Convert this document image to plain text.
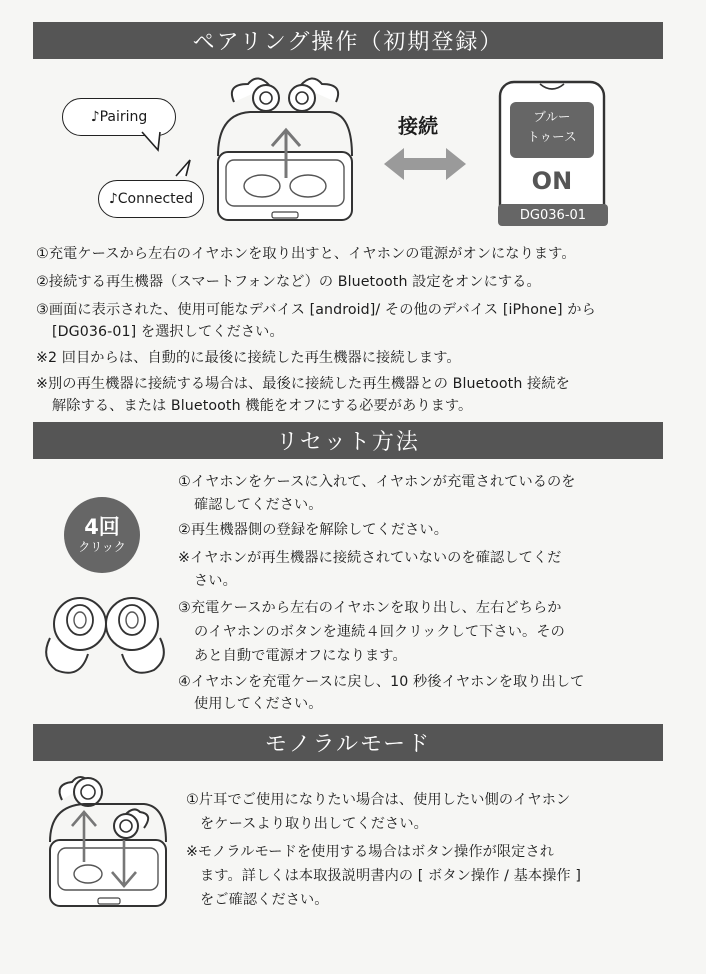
ペアリング操作（初期登録）
♪Pairing
♪Connected
接続	ブルー
トゥース
ON
DG036-01
①充電ケースから左右のイヤホンを取り出すと、イヤホンの電源がオンになります。
②接続する再生機器（スマートフォンなど）の Bluetooth 設定をオンにする。
③画面に表示された、使用可能なデバイス [android]/ その他のデバイス [iPhone] から
[DG036-01] を選択してください。
※2 回目からは、自動的に最後に接続した再生機器に接続します。
※別の再生機器に接続する場合は、最後に接続した再生機器との Bluetooth 接続を
解除する、または Bluetooth 機能をオフにする必要があります。
リセット方法
4回
クリック
①イヤホンをケースに入れて、イヤホンが充電されているのを
確認してください。
②再生機器側の登録を解除してください。
※イヤホンが再生機器に接続されていないのを確認してくだ
さい。
③充電ケースから左右のイヤホンを取り出し、左右どちらか
のイヤホンのボタンを連続４回クリックして下さい。その
あと自動で電源オフになります。
④イヤホンを充電ケースに戻し、10 秒後イヤホンを取り出して
使用してください。
モノラルモード
①片耳でご使用になりたい場合は、使用したい側のイヤホン
をケースより取り出してください。
※モノラルモードを使用する場合はボタン操作が限定され
ます。詳しくは本取扱説明書内の [ ボタン操作 / 基本操作 ]
をご確認ください。
